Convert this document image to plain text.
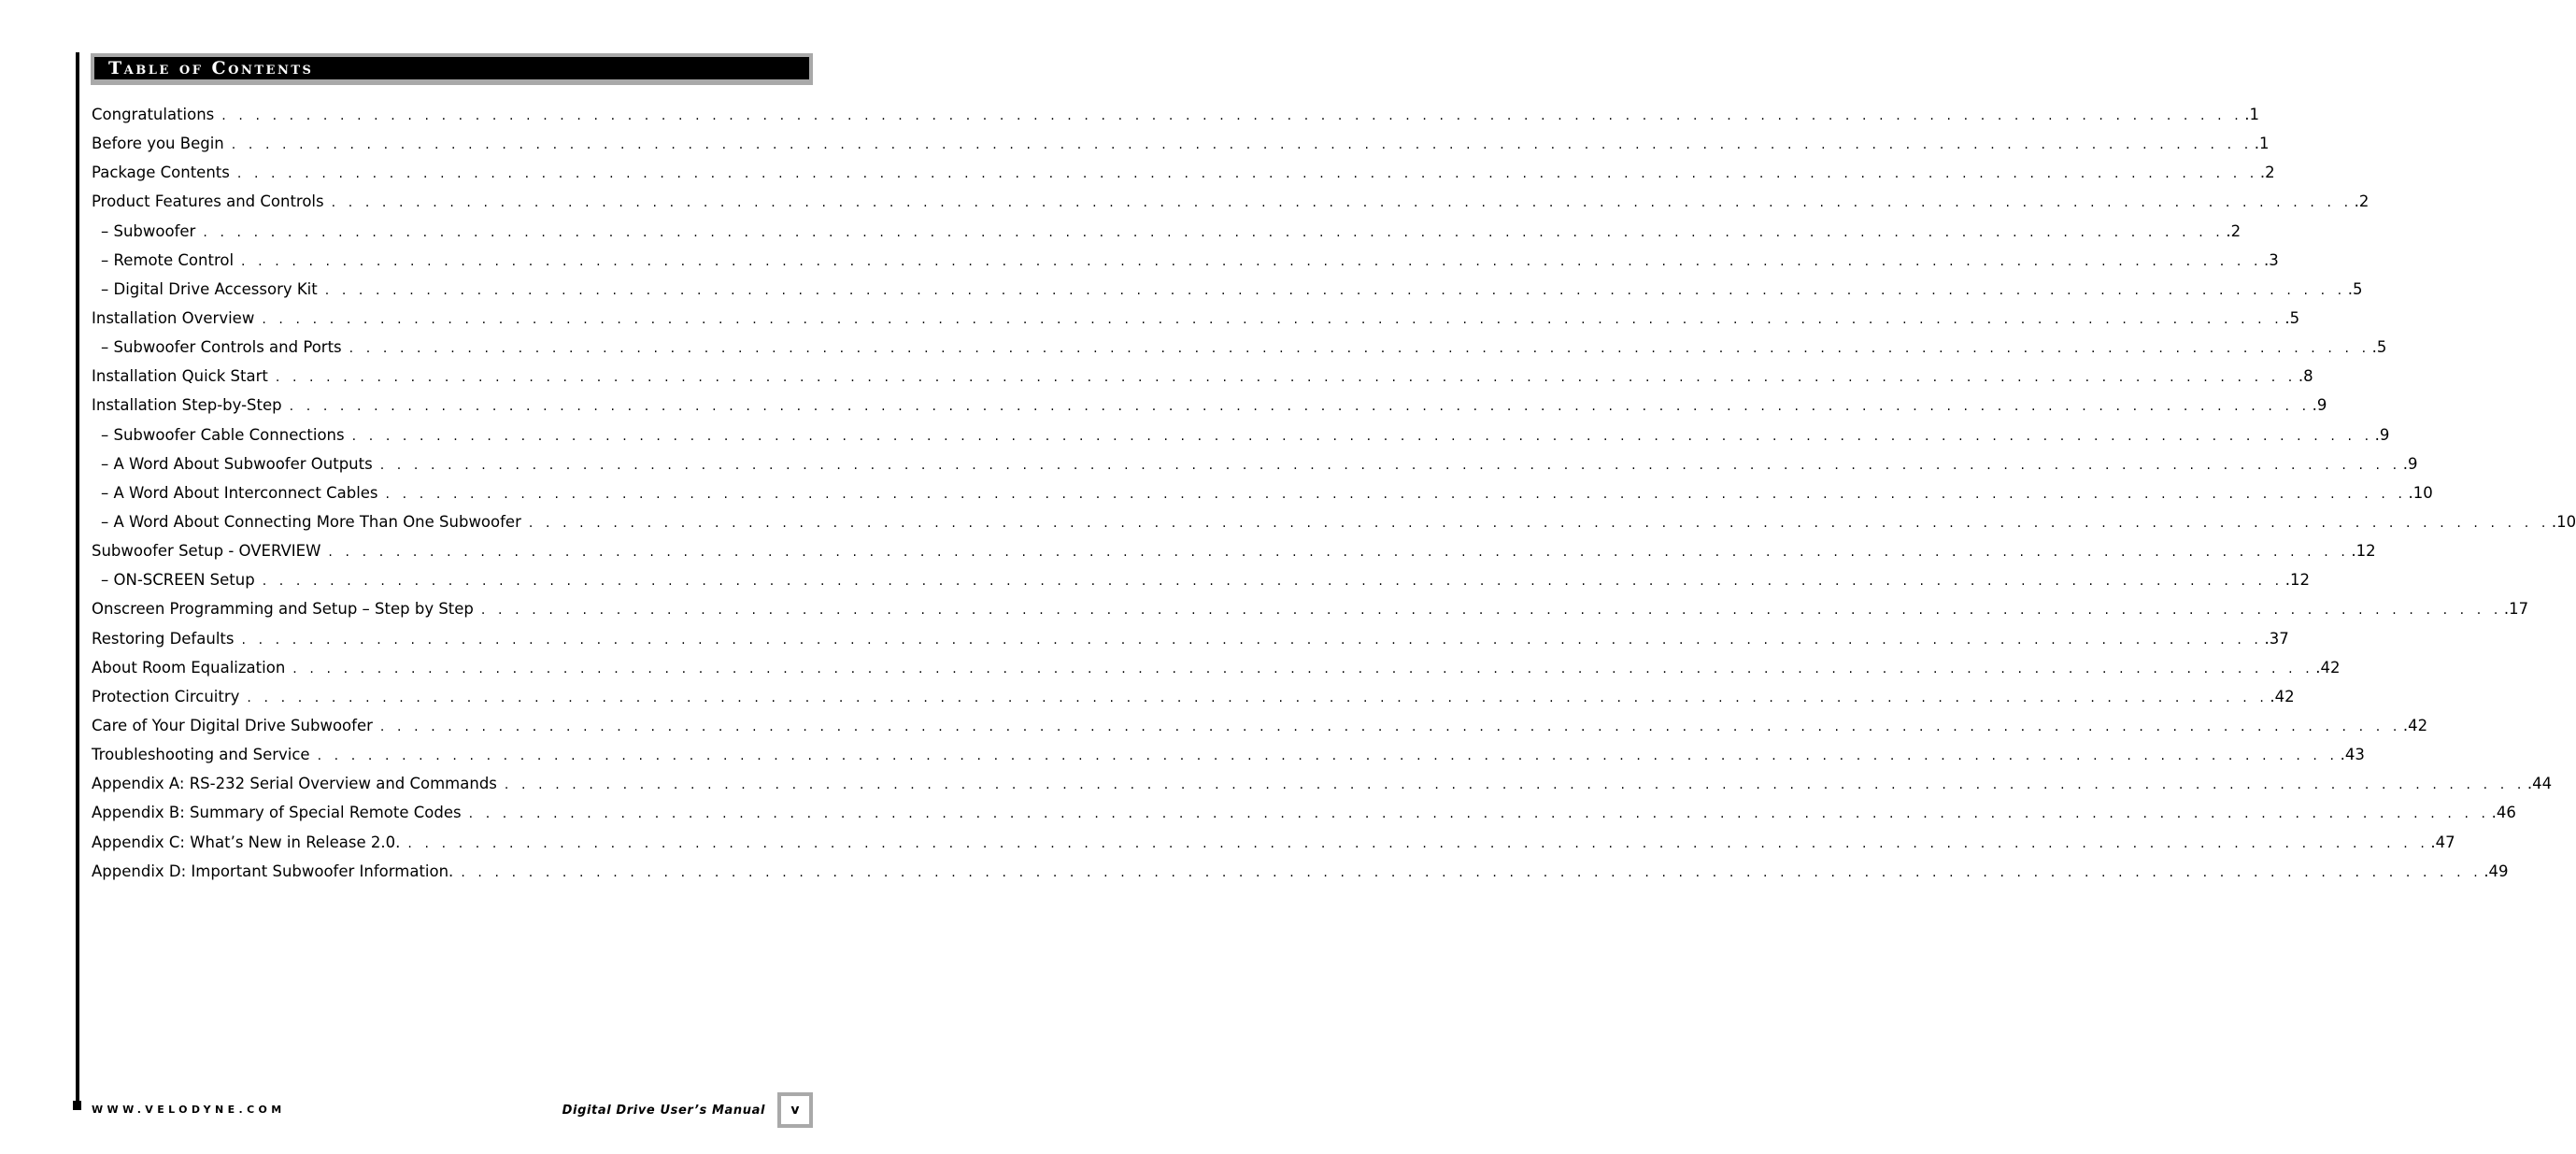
Table of Contents
Congratulations . . . . . . . . . . . . . . . . . . . . . . . . . . . . . . . . . . . . . . . . . . . . . . . . . . . . . . . . . . . . . . . . . . . . . . . . . . . . . . . . . . . . . . . . . . . . . . . . . . . . . . . . . . . . . . . . . . . . . . . . .1
Before you Begin . . . . . . . . . . . . . . . . . . . . . . . . . . . . . . . . . . . . . . . . . . . . . . . . . . . . . . . . . . . . . . . . . . . . . . . . . . . . . . . . . . . . . . . . . . . . . . . . . . . . . . . . . . . . . . . . . . . . . . . . .1
Package Contents . . . . . . . . . . . . . . . . . . . . . . . . . . . . . . . . . . . . . . . . . . . . . . . . . . . . . . . . . . . . . . . . . . . . . . . . . . . . . . . . . . . . . . . . . . . . . . . . . . . . . . . . . . . . . . . . . . . . . . . . .2
Product Features and Controls . . . . . . . . . . . . . . . . . . . . . . . . . . . . . . . . . . . . . . . . . . . . . . . . . . . . . . . . . . . . . . . . . . . . . . . . . . . . . . . . . . . . . . . . . . . . . . . . . . . . . . . . . . . . . . . . . . . . . . . . .2
– Subwoofer . . . . . . . . . . . . . . . . . . . . . . . . . . . . . . . . . . . . . . . . . . . . . . . . . . . . . . . . . . . . . . . . . . . . . . . . . . . . . . . . . . . . . . . . . . . . . . . . . . . . . . . . . . . . . . . . . . . . . . . . .2
– Remote Control . . . . . . . . . . . . . . . . . . . . . . . . . . . . . . . . . . . . . . . . . . . . . . . . . . . . . . . . . . . . . . . . . . . . . . . . . . . . . . . . . . . . . . . . . . . . . . . . . . . . . . . . . . . . . . . . . . . . . . . . .3
– Digital Drive Accessory Kit . . . . . . . . . . . . . . . . . . . . . . . . . . . . . . . . . . . . . . . . . . . . . . . . . . . . . . . . . . . . . . . . . . . . . . . . . . . . . . . . . . . . . . . . . . . . . . . . . . . . . . . . . . . . . . . . . . . . . . . . .5
Installation Overview . . . . . . . . . . . . . . . . . . . . . . . . . . . . . . . . . . . . . . . . . . . . . . . . . . . . . . . . . . . . . . . . . . . . . . . . . . . . . . . . . . . . . . . . . . . . . . . . . . . . . . . . . . . . . . . . . . . . . . . . .5
– Subwoofer Controls and Ports . . . . . . . . . . . . . . . . . . . . . . . . . . . . . . . . . . . . . . . . . . . . . . . . . . . . . . . . . . . . . . . . . . . . . . . . . . . . . . . . . . . . . . . . . . . . . . . . . . . . . . . . . . . . . . . . . . . . . . . . .5
Installation Quick Start . . . . . . . . . . . . . . . . . . . . . . . . . . . . . . . . . . . . . . . . . . . . . . . . . . . . . . . . . . . . . . . . . . . . . . . . . . . . . . . . . . . . . . . . . . . . . . . . . . . . . . . . . . . . . . . . . . . . . . . . .8
Installation Step-by-Step . . . . . . . . . . . . . . . . . . . . . . . . . . . . . . . . . . . . . . . . . . . . . . . . . . . . . . . . . . . . . . . . . . . . . . . . . . . . . . . . . . . . . . . . . . . . . . . . . . . . . . . . . . . . . . . . . . . . . . . . .9
– Subwoofer Cable Connections . . . . . . . . . . . . . . . . . . . . . . . . . . . . . . . . . . . . . . . . . . . . . . . . . . . . . . . . . . . . . . . . . . . . . . . . . . . . . . . . . . . . . . . . . . . . . . . . . . . . . . . . . . . . . . . . . . . . . . . . .9
– A Word About Subwoofer Outputs . . . . . . . . . . . . . . . . . . . . . . . . . . . . . . . . . . . . . . . . . . . . . . . . . . . . . . . . . . . . . . . . . . . . . . . . . . . . . . . . . . . . . . . . . . . . . . . . . . . . . . . . . . . . . . . . . . . . . . . . .9
– A Word About Interconnect Cables . . . . . . . . . . . . . . . . . . . . . . . . . . . . . . . . . . . . . . . . . . . . . . . . . . . . . . . . . . . . . . . . . . . . . . . . . . . . . . . . . . . . . . . . . . . . . . . . . . . . . . . . . . . . . . . . . . . . . . . . .10
– A Word About Connecting More Than One Subwoofer . . . . . . . . . . . . . . . . . . . . . . . . . . . . . . . . . . . . . . . . . . . . . . . . . . . . . . . . . . . . . . . . . . . . . . . . . . . . . . . . . . . . . . . . . . . . . . . . . . . . . . . . . . . . . . . . . . . . . . . . .10
Subwoofer Setup - OVERVIEW . . . . . . . . . . . . . . . . . . . . . . . . . . . . . . . . . . . . . . . . . . . . . . . . . . . . . . . . . . . . . . . . . . . . . . . . . . . . . . . . . . . . . . . . . . . . . . . . . . . . . . . . . . . . . . . . . . . . . . . . .12
– ON-SCREEN Setup . . . . . . . . . . . . . . . . . . . . . . . . . . . . . . . . . . . . . . . . . . . . . . . . . . . . . . . . . . . . . . . . . . . . . . . . . . . . . . . . . . . . . . . . . . . . . . . . . . . . . . . . . . . . . . . . . . . . . . . . .12
Onscreen Programming and Setup – Step by Step . . . . . . . . . . . . . . . . . . . . . . . . . . . . . . . . . . . . . . . . . . . . . . . . . . . . . . . . . . . . . . . . . . . . . . . . . . . . . . . . . . . . . . . . . . . . . . . . . . . . . . . . . . . . . . . . . . . . . . . . .17
Restoring Defaults . . . . . . . . . . . . . . . . . . . . . . . . . . . . . . . . . . . . . . . . . . . . . . . . . . . . . . . . . . . . . . . . . . . . . . . . . . . . . . . . . . . . . . . . . . . . . . . . . . . . . . . . . . . . . . . . . . . . . . . . .37
About Room Equalization . . . . . . . . . . . . . . . . . . . . . . . . . . . . . . . . . . . . . . . . . . . . . . . . . . . . . . . . . . . . . . . . . . . . . . . . . . . . . . . . . . . . . . . . . . . . . . . . . . . . . . . . . . . . . . . . . . . . . . . . .42
Protection Circuitry . . . . . . . . . . . . . . . . . . . . . . . . . . . . . . . . . . . . . . . . . . . . . . . . . . . . . . . . . . . . . . . . . . . . . . . . . . . . . . . . . . . . . . . . . . . . . . . . . . . . . . . . . . . . . . . . . . . . . . . . .42
Care of Your Digital Drive Subwoofer . . . . . . . . . . . . . . . . . . . . . . . . . . . . . . . . . . . . . . . . . . . . . . . . . . . . . . . . . . . . . . . . . . . . . . . . . . . . . . . . . . . . . . . . . . . . . . . . . . . . . . . . . . . . . . . . . . . . . . . . .42
Troubleshooting and Service . . . . . . . . . . . . . . . . . . . . . . . . . . . . . . . . . . . . . . . . . . . . . . . . . . . . . . . . . . . . . . . . . . . . . . . . . . . . . . . . . . . . . . . . . . . . . . . . . . . . . . . . . . . . . . . . . . . . . . . . .43
Appendix A: RS-232 Serial Overview and Commands . . . . . . . . . . . . . . . . . . . . . . . . . . . . . . . . . . . . . . . . . . . . . . . . . . . . . . . . . . . . . . . . . . . . . . . . . . . . . . . . . . . . . . . . . . . . . . . . . . . . . . . . . . . . . . . . . . . . . . . . .44
Appendix B: Summary of Special Remote Codes . . . . . . . . . . . . . . . . . . . . . . . . . . . . . . . . . . . . . . . . . . . . . . . . . . . . . . . . . . . . . . . . . . . . . . . . . . . . . . . . . . . . . . . . . . . . . . . . . . . . . . . . . . . . . . . . . . . . . . . . .46
Appendix C: What’s New in Release 2.0. . . . . . . . . . . . . . . . . . . . . . . . . . . . . . . . . . . . . . . . . . . . . . . . . . . . . . . . . . . . . . . . . . . . . . . . . . . . . . . . . . . . . . . . . . . . . . . . . . . . . . . . . . . . . . . . . . . . . . . . . .47
Appendix D: Important Subwoofer Information. . . . . . . . . . . . . . . . . . . . . . . . . . . . . . . . . . . . . . . . . . . . . . . . . . . . . . . . . . . . . . . . . . . . . . . . . . . . . . . . . . . . . . . . . . . . . . . . . . . . . . . . . . . . . . . . . . . . . . . . . .49
WWW.VELODYNE.COM	Digital Drive User’s Manual	v
